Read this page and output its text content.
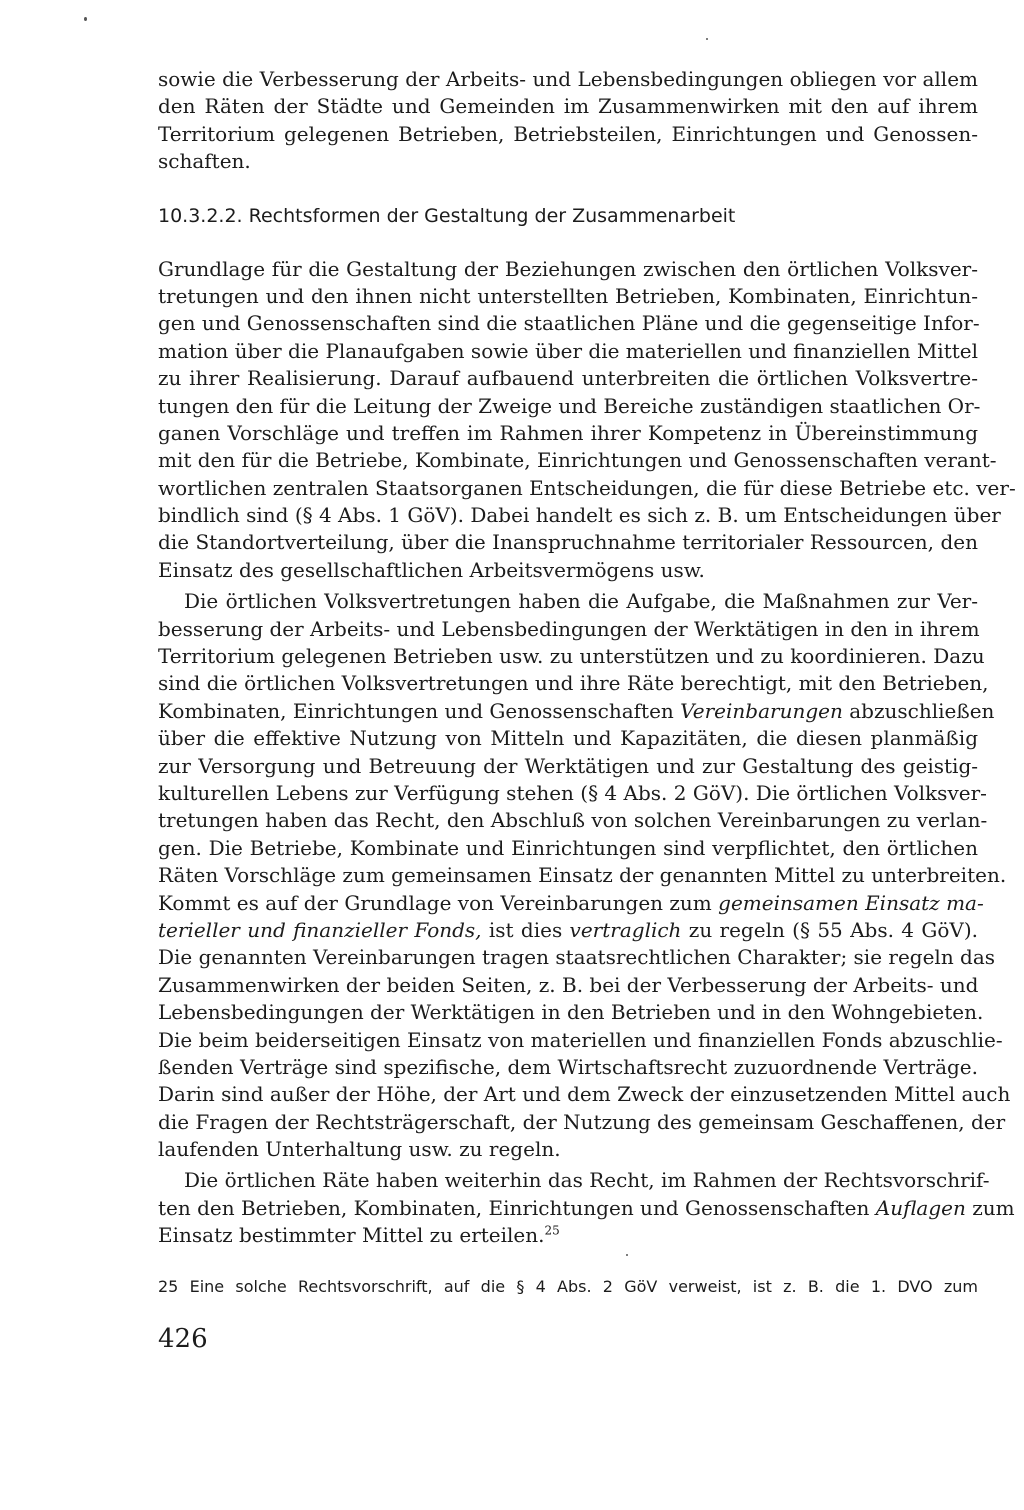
sowie die Verbesserung der Arbeits- und Lebensbedingungen obliegen vor allem
den Räten der Städte und Gemeinden im Zusammenwirken mit den auf ihrem
Territorium gelegenen Betrieben, Betriebsteilen, Einrichtungen und Genossen-
schaften.
10.3.2.2. Rechtsformen der Gestaltung der Zusammenarbeit
Grundlage für die Gestaltung der Beziehungen zwischen den örtlichen Volksver-
tretungen und den ihnen nicht unterstellten Betrieben, Kombinaten, Einrichtun-
gen und Genossenschaften sind die staatlichen Pläne und die gegenseitige Infor-
mation über die Planaufgaben sowie über die materiellen und finanziellen Mittel
zu ihrer Realisierung. Darauf aufbauend unterbreiten die örtlichen Volksvertre-
tungen den für die Leitung der Zweige und Bereiche zuständigen staatlichen Or-
ganen Vorschläge und treffen im Rahmen ihrer Kompetenz in Übereinstimmung
mit den für die Betriebe, Kombinate, Einrichtungen und Genossenschaften verant-
wortlichen zentralen Staatsorganen Entscheidungen, die für diese Betriebe etc. ver-
bindlich sind (§ 4 Abs. 1 GöV). Dabei handelt es sich z. B. um Entscheidungen über
die Standortverteilung, über die Inanspruchnahme territorialer Ressourcen, den
Einsatz des gesellschaftlichen Arbeitsvermögens usw.
Die örtlichen Volksvertretungen haben die Aufgabe, die Maßnahmen zur Ver-
besserung der Arbeits- und Lebensbedingungen der Werktätigen in den in ihrem
Territorium gelegenen Betrieben usw. zu unterstützen und zu koordinieren. Dazu
sind die örtlichen Volksvertretungen und ihre Räte berechtigt, mit den Betrieben,
Kombinaten, Einrichtungen und Genossenschaften Vereinbarungen abzuschließen
über die effektive Nutzung von Mitteln und Kapazitäten, die diesen planmäßig
zur Versorgung und Betreuung der Werktätigen und zur Gestaltung des geistig-
kulturellen Lebens zur Verfügung stehen (§ 4 Abs. 2 GöV). Die örtlichen Volksver-
tretungen haben das Recht, den Abschluß von solchen Vereinbarungen zu verlan-
gen. Die Betriebe, Kombinate und Einrichtungen sind verpflichtet, den örtlichen
Räten Vorschläge zum gemeinsamen Einsatz der genannten Mittel zu unterbreiten.
Kommt es auf der Grundlage von Vereinbarungen zum gemeinsamen Einsatz ma-
terieller und finanzieller Fonds, ist dies vertraglich zu regeln (§ 55 Abs. 4 GöV).
Die genannten Vereinbarungen tragen staatsrechtlichen Charakter; sie regeln das
Zusammenwirken der beiden Seiten, z. B. bei der Verbesserung der Arbeits- und
Lebensbedingungen der Werktätigen in den Betrieben und in den Wohngebieten.
Die beim beiderseitigen Einsatz von materiellen und finanziellen Fonds abzuschlie-
ßenden Verträge sind spezifische, dem Wirtschaftsrecht zuzuordnende Verträge.
Darin sind außer der Höhe, der Art und dem Zweck der einzusetzenden Mittel auch
die Fragen der Rechtsträgerschaft, der Nutzung des gemeinsam Geschaffenen, der
laufenden Unterhaltung usw. zu regeln.
Die örtlichen Räte haben weiterhin das Recht, im Rahmen der Rechtsvorschrif-
ten den Betrieben, Kombinaten, Einrichtungen und Genossenschaften Auflagen zum
Einsatz bestimmter Mittel zu erteilen.$^{25}$
25 Eine solche Rechtsvorschrift, auf die § 4 Abs. 2 GöV verweist, ist z. B. die 1. DVO zum
426
